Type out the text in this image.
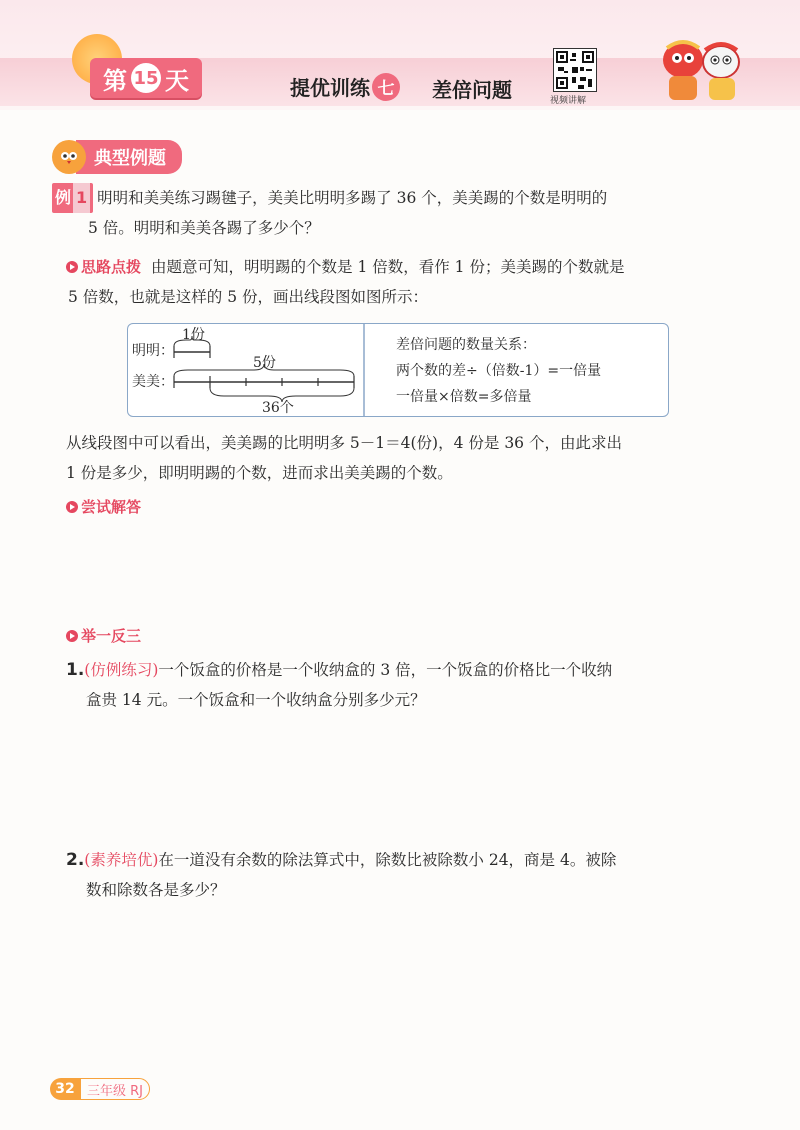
第 15 天	提优训练 七 差倍问题	视频讲解
典型例题
例 1 明明和美美练习踢毽子，美美比明明多踢了 36 个，美美踢的个数是明明的
5 倍。明明和美美各踢了多少个？
思路点拨 由题意可知，明明踢的个数是 1 倍数，看作 1 份；美美踢的个数就是
5 倍数，也就是这样的 5 份，画出线段图如图所示：
1份
明明：
5份
美美：
36个
差倍问题的数量关系：
两个数的差÷（倍数-1）=一倍量
一倍量×倍数=多倍量
从线段图中可以看出，美美踢的比明明多 5－1＝4(份)，4 份是 36 个，由此求出
1 份是多少，即明明踢的个数，进而求出美美踢的个数。
尝试解答
举一反三
1.(仿例练习)一个饭盒的价格是一个收纳盒的 3 倍，一个饭盒的价格比一个收纳
盒贵 14 元。一个饭盒和一个收纳盒分别多少元？
2.(素养培优)在一道没有余数的除法算式中，除数比被除数小 24，商是 4。被除
数和除数各是多少？
32 三年级 RJ
